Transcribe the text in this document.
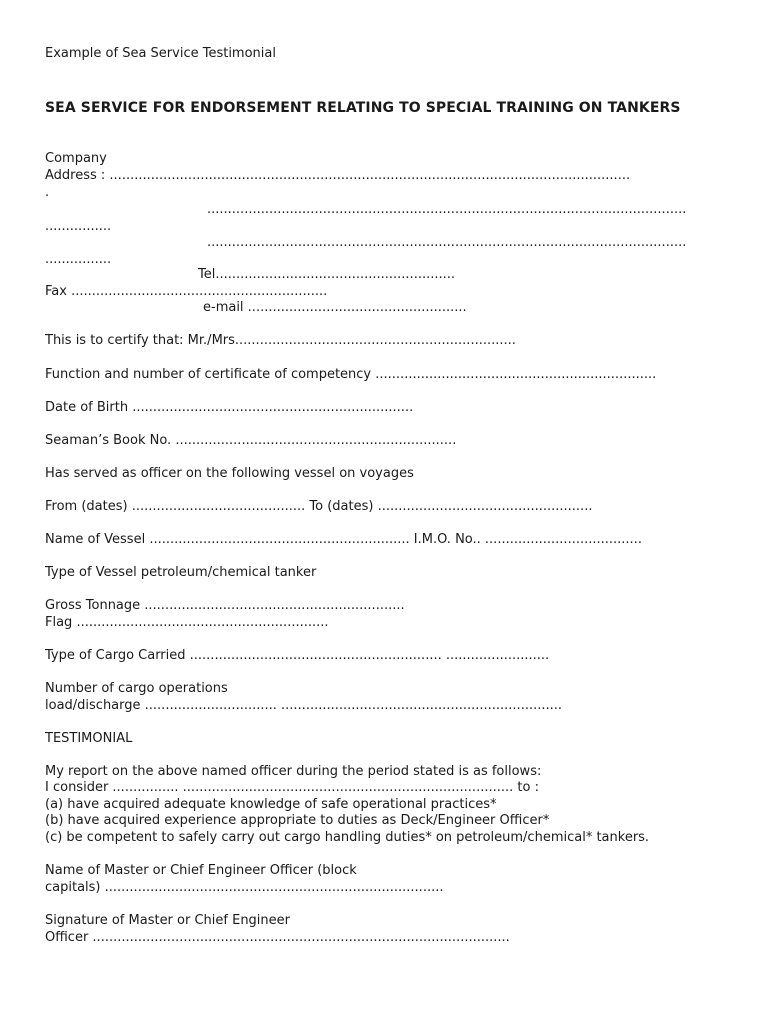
Example of Sea Service Testimonial
SEA SERVICE FOR ENDORSEMENT RELATING TO SPECIAL TRAINING ON TANKERS
Company
Address : ..............................................................................................................................
.
....................................................................................................................
................
....................................................................................................................
................
Tel..........................................................
Fax ..............................................................
e-mail .....................................................
This is to certify that: Mr./Mrs....................................................................
Function and number of certificate of competency ....................................................................
Date of Birth ....................................................................
Seaman’s Book No. ....................................................................
Has served as officer on the following vessel on voyages
From (dates) .......................................... To (dates) ....................................................
Name of Vessel ............................................................... I.M.O. No.. ......................................
Type of Vessel petroleum/chemical tanker
Gross Tonnage ...............................................................
Flag .............................................................
Type of Cargo Carried ............................................................. .........................
Number of cargo operations
load/discharge ................................ ....................................................................
TESTIMONIAL
My report on the above named officer during the period stated is as follows:
I consider ................ ................................................................................ to :
(a) have acquired adequate knowledge of safe operational practices*
(b) have acquired experience appropriate to duties as Deck/Engineer Officer*
(c) be competent to safely carry out cargo handling duties* on petroleum/chemical* tankers.
Name of Master or Chief Engineer Officer (block
capitals) ..................................................................................
Signature of Master or Chief Engineer
Officer .....................................................................................................
